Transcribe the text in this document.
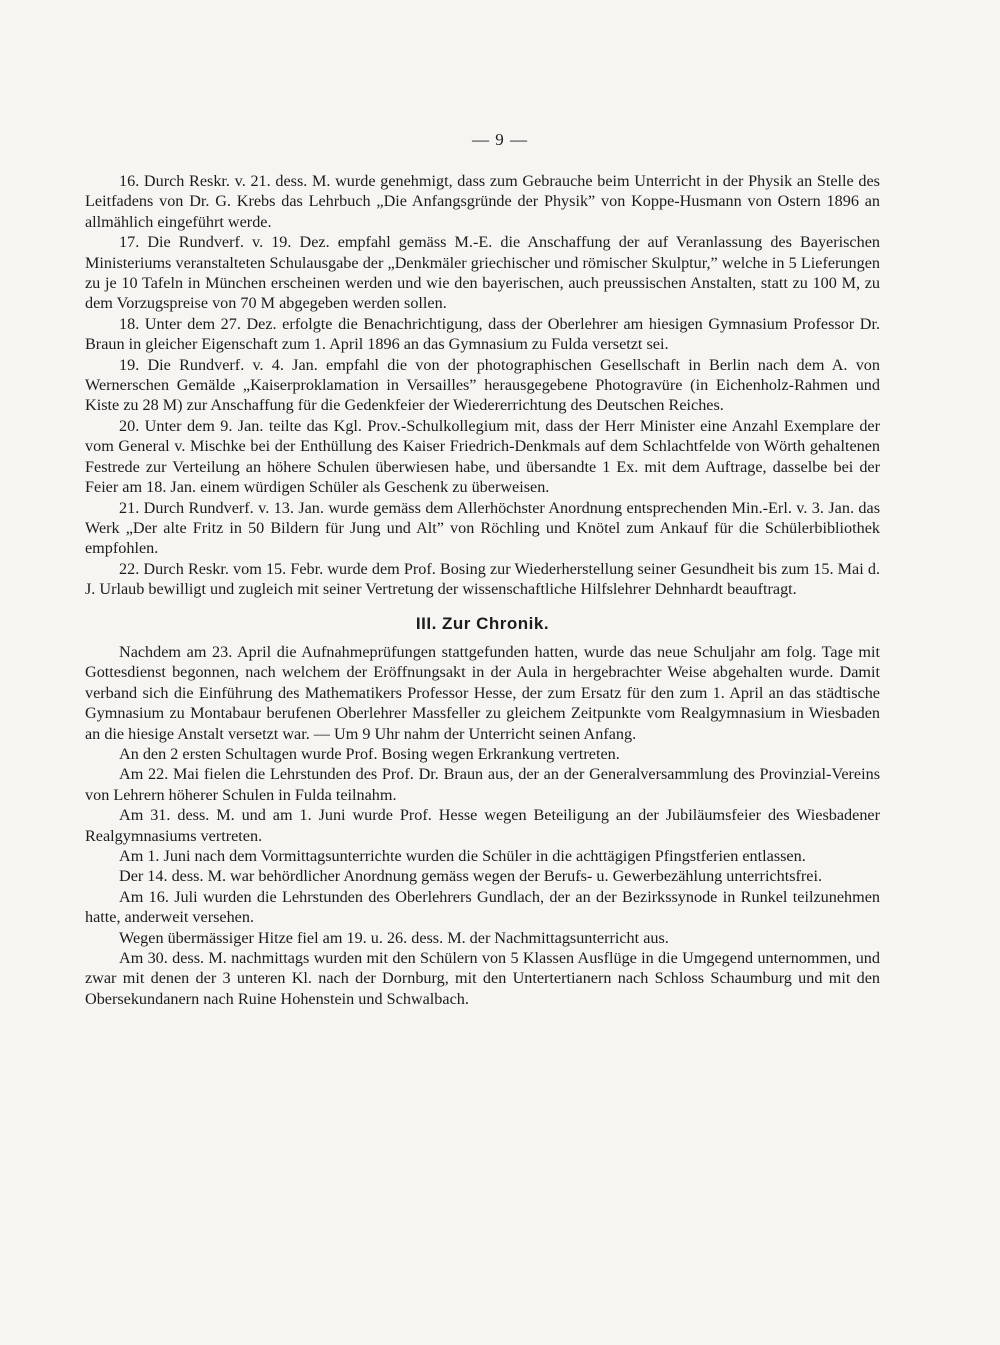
— 9 —

16. Durch Reskr. v. 21. dess. M. wurde genehmigt, dass zum Gebrauche beim Unterricht in der Physik an Stelle des Leitfadens von Dr. G. Krebs das Lehrbuch „Die Anfangsgründe der Physik” von Koppe-Husmann von Ostern 1896 an allmählich eingeführt werde.

17. Die Rundverf. v. 19. Dez. empfahl gemäss M.-E. die Anschaffung der auf Veranlassung des Bayerischen Ministeriums veranstalteten Schulausgabe der „Denkmäler griechischer und römischer Skulptur,” welche in 5 Lieferungen zu je 10 Tafeln in München erscheinen werden und wie den bayerischen, auch preussischen Anstalten, statt zu 100 M, zu dem Vorzugspreise von 70 M abgegeben werden sollen.

18. Unter dem 27. Dez. erfolgte die Benachrichtigung, dass der Oberlehrer am hiesigen Gymnasium Professor Dr. Braun in gleicher Eigenschaft zum 1. April 1896 an das Gymnasium zu Fulda versetzt sei.

19. Die Rundverf. v. 4. Jan. empfahl die von der photographischen Gesellschaft in Berlin nach dem A. von Wernerschen Gemälde „Kaiserproklamation in Versailles” herausgegebene Photogravüre (in Eichenholz-Rahmen und Kiste zu 28 M) zur Anschaffung für die Gedenkfeier der Wiedererrichtung des Deutschen Reiches.

20. Unter dem 9. Jan. teilte das Kgl. Prov.-Schulkollegium mit, dass der Herr Minister eine Anzahl Exemplare der vom General v. Mischke bei der Enthüllung des Kaiser Friedrich-Denkmals auf dem Schlachtfelde von Wörth gehaltenen Festrede zur Verteilung an höhere Schulen überwiesen habe, und übersandte 1 Ex. mit dem Auftrage, dasselbe bei der Feier am 18. Jan. einem würdigen Schüler als Geschenk zu überweisen.

21. Durch Rundverf. v. 13. Jan. wurde gemäss dem Allerhöchster Anordnung entsprechenden Min.-Erl. v. 3. Jan. das Werk „Der alte Fritz in 50 Bildern für Jung und Alt” von Röchling und Knötel zum Ankauf für die Schülerbibliothek empfohlen.

22. Durch Reskr. vom 15. Febr. wurde dem Prof. Bosing zur Wiederherstellung seiner Gesundheit bis zum 15. Mai d. J. Urlaub bewilligt und zugleich mit seiner Vertretung der wissenschaftliche Hilfslehrer Dehnhardt beauftragt.

III. Zur Chronik.

Nachdem am 23. April die Aufnahmeprüfungen stattgefunden hatten, wurde das neue Schuljahr am folg. Tage mit Gottesdienst begonnen, nach welchem der Eröffnungsakt in der Aula in hergebrachter Weise abgehalten wurde. Damit verband sich die Einführung des Mathematikers Professor Hesse, der zum Ersatz für den zum 1. April an das städtische Gymnasium zu Montabaur berufenen Oberlehrer Massfeller zu gleichem Zeitpunkte vom Realgymnasium in Wiesbaden an die hiesige Anstalt versetzt war. — Um 9 Uhr nahm der Unterricht seinen Anfang.

An den 2 ersten Schultagen wurde Prof. Bosing wegen Erkrankung vertreten.

Am 22. Mai fielen die Lehrstunden des Prof. Dr. Braun aus, der an der Generalversammlung des Provinzial-Vereins von Lehrern höherer Schulen in Fulda teilnahm.

Am 31. dess. M. und am 1. Juni wurde Prof. Hesse wegen Beteiligung an der Jubiläumsfeier des Wiesbadener Realgymnasiums vertreten.

Am 1. Juni nach dem Vormittagsunterrichte wurden die Schüler in die achttägigen Pfingstferien entlassen.

Der 14. dess. M. war behördlicher Anordnung gemäss wegen der Berufs- u. Gewerbezählung unterrichtsfrei.

Am 16. Juli wurden die Lehrstunden des Oberlehrers Gundlach, der an der Bezirkssynode in Runkel teilzunehmen hatte, anderweit versehen.

Wegen übermässiger Hitze fiel am 19. u. 26. dess. M. der Nachmittagsunterricht aus.

Am 30. dess. M. nachmittags wurden mit den Schülern von 5 Klassen Ausflüge in die Umgegend unternommen, und zwar mit denen der 3 unteren Kl. nach der Dornburg, mit den Untertertianern nach Schloss Schaumburg und mit den Obersekundanern nach Ruine Hohenstein und Schwalbach.
